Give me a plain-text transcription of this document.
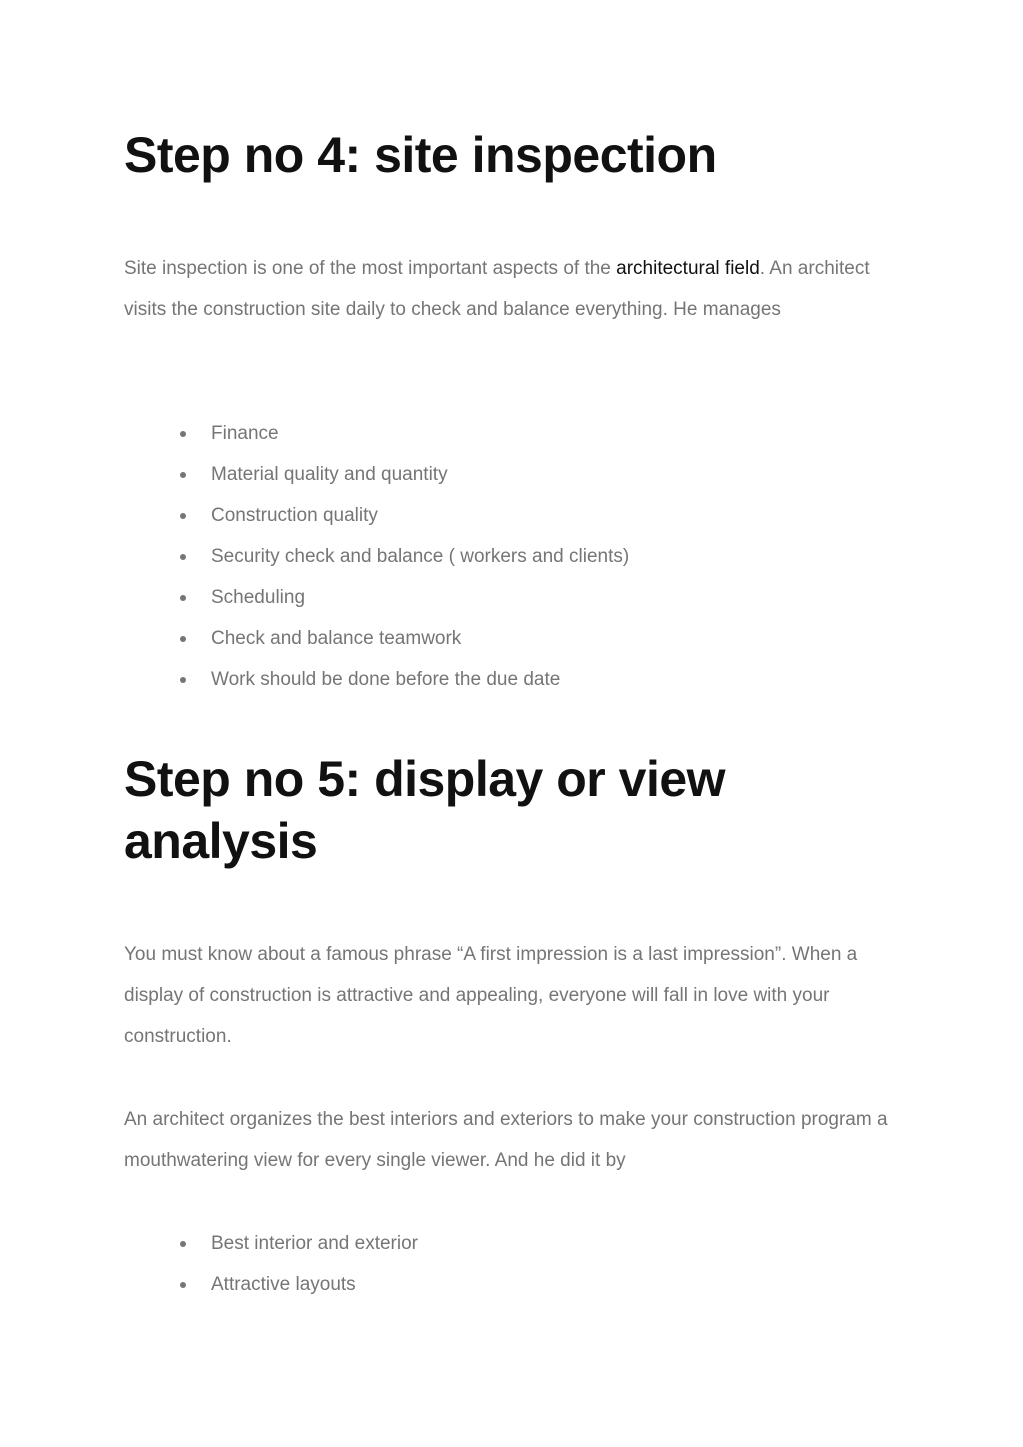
Step no 4: site inspection

Site inspection is one of the most important aspects of the architectural field. An architect visits the construction site daily to check and balance everything. He manages

Finance
Material quality and quantity
Construction quality
Security check and balance ( workers and clients)
Scheduling
Check and balance teamwork
Work should be done before the due date
Step no 5: display or view analysis

You must know about a famous phrase “A first impression is a last impression”. When a display of construction is attractive and appealing, everyone will fall in love with your construction.

An architect organizes the best interiors and exteriors to make your construction program a mouthwatering view for every single viewer. And he did it by

Best interior and exterior
Attractive layouts
